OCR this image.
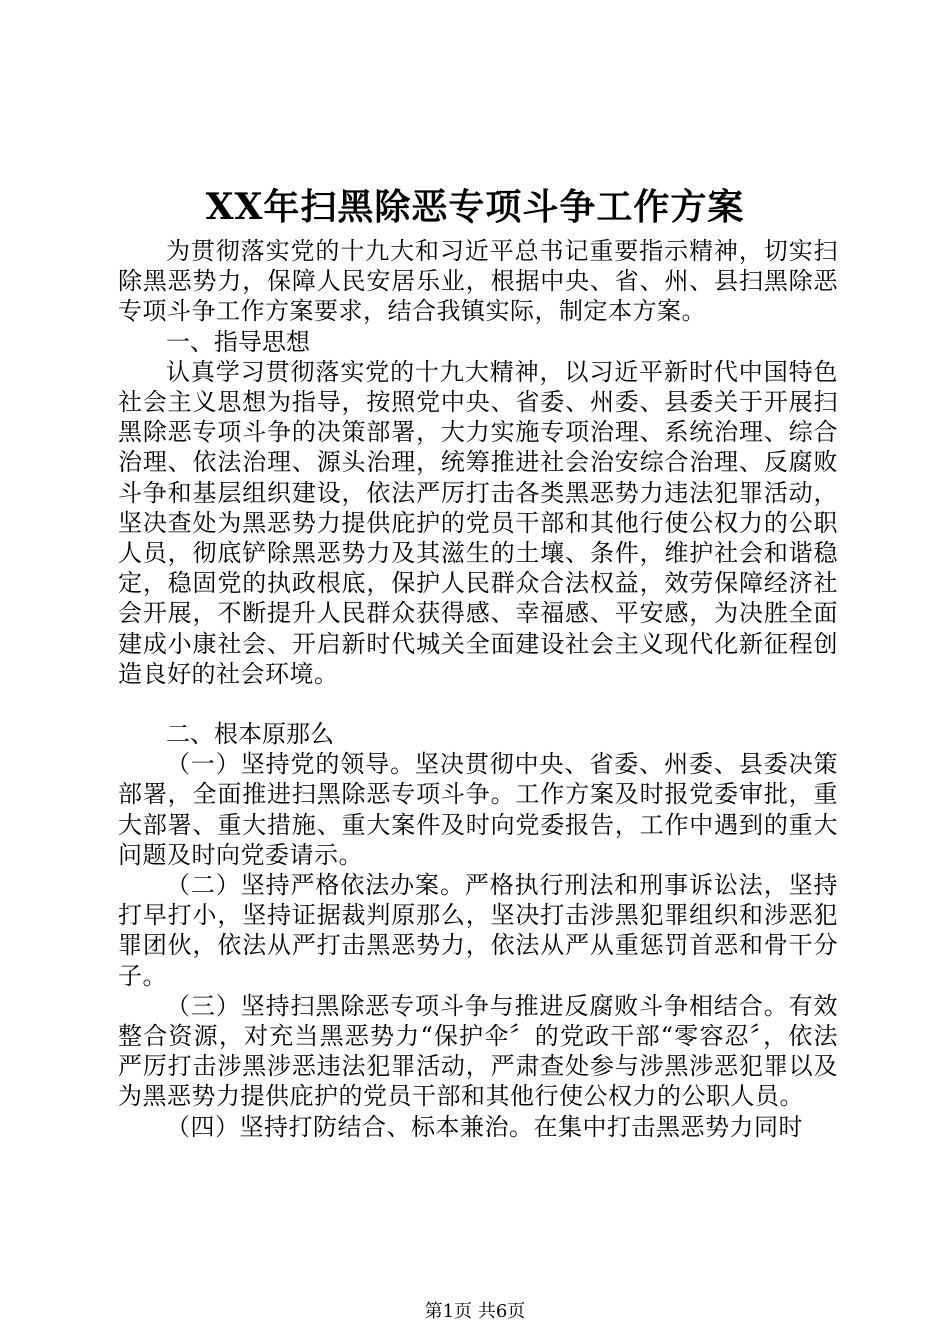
XX年扫黑除恶专项斗争工作方案

为贯彻落实党的十九大和习近平总书记重要指示精神，切实扫除黑恶势力，保障人民安居乐业，根据中央、省、州、县扫黑除恶专项斗争工作方案要求，结合我镇实际，制定本方案。

一、指导思想

认真学习贯彻落实党的十九大精神，以习近平新时代中国特色社会主义思想为指导，按照党中央、省委、州委、县委关于开展扫黑除恶专项斗争的决策部署，大力实施专项治理、系统治理、综合治理、依法治理、源头治理，统筹推进社会治安综合治理、反腐败斗争和基层组织建设，依法严厉打击各类黑恶势力违法犯罪活动，坚决查处为黑恶势力提供庇护的党员干部和其他行使公权力的公职人员，彻底铲除黑恶势力及其滋生的土壤、条件，维护社会和谐稳定，稳固党的执政根底，保护人民群众合法权益，效劳保障经济社会开展，不断提升人民群众获得感、幸福感、平安感，为决胜全面建成小康社会、开启新时代城关全面建设社会主义现代化新征程创造良好的社会环境。

二、根本原那么

（一）坚持党的领导。坚决贯彻中央、省委、州委、县委决策部署，全面推进扫黑除恶专项斗争。工作方案及时报党委审批，重大部署、重大措施、重大案件及时向党委报告，工作中遇到的重大问题及时向党委请示。

（二）坚持严格依法办案。严格执行刑法和刑事诉讼法，坚持打早打小，坚持证据裁判原那么，坚决打击涉黑犯罪组织和涉恶犯罪团伙，依法从严打击黑恶势力，依法从严从重惩罚首恶和骨干分子。

（三）坚持扫黑除恶专项斗争与推进反腐败斗争相结合。有效整合资源，对充当黑恶势力“保护伞〞的党政干部“零容忍〞，依法严厉打击涉黑涉恶违法犯罪活动，严肃查处参与涉黑涉恶犯罪以及为黑恶势力提供庇护的党员干部和其他行使公权力的公职人员。

（四）坚持打防结合、标本兼治。在集中打击黑恶势力同时

第1页 共6页
